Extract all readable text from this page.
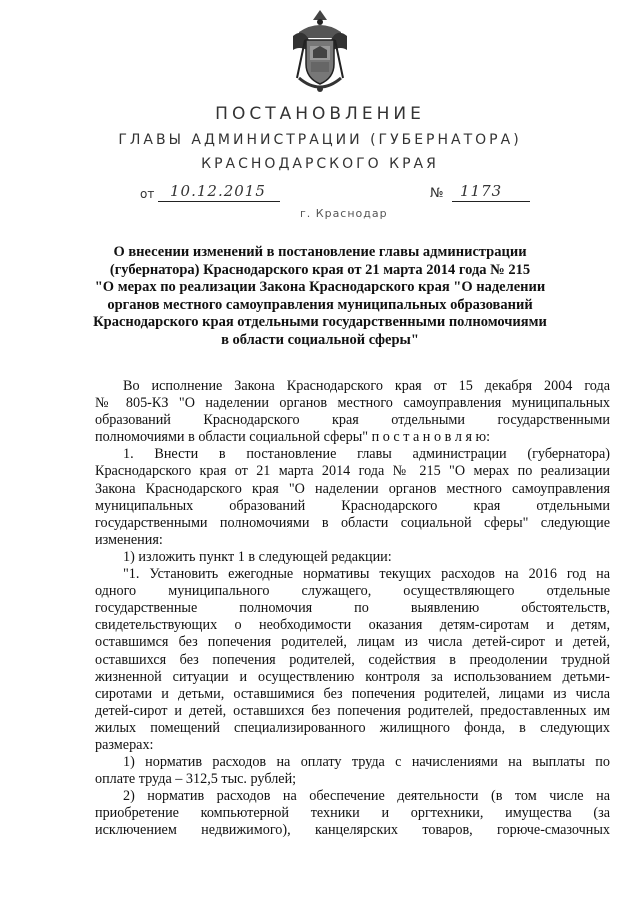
ПОСТАНОВЛЕНИЕ
ГЛАВЫ АДМИНИСТРАЦИИ (ГУБЕРНАТОРА)
КРАСНОДАРСКОГО КРАЯ
от 10.12.2015	№ 1173
г. Краснодар
О внесении изменений в постановление главы администрации
(губернатора) Краснодарского края от 21 марта 2014 года № 215
"О мерах по реализации Закона Краснодарского края "О наделении
органов местного самоуправления муниципальных образований
Краснодарского края отдельными государственными полномочиями
в области социальной сферы"
Во исполнение Закона Краснодарского края от 15 декабря 2004 года
№ 805-КЗ "О наделении органов местного самоуправления муниципальных
образований Краснодарского края отдельными государственными
полномочиями в области социальной сферы" п о с т а н о в л я ю:
1. Внести в постановление главы администрации (губернатора)
Краснодарского края от 21 марта 2014 года № 215 "О мерах по реализации
Закона Краснодарского края "О наделении органов местного самоуправления
муниципальных образований Краснодарского края отдельными
государственными полномочиями в области социальной сферы" следующие
изменения:
1) изложить пункт 1 в следующей редакции:
"1. Установить ежегодные нормативы текущих расходов на 2016 год на
одного муниципального служащего, осуществляющего отдельные
государственные полномочия по выявлению обстоятельств,
свидетельствующих о необходимости оказания детям-сиротам и детям,
оставшимся без попечения родителей, лицам из числа детей-сирот и детей,
оставшихся без попечения родителей, содействия в преодолении трудной
жизненной ситуации и осуществлению контроля за использованием детьми-
сиротами и детьми, оставшимися без попечения родителей, лицами из числа
детей-сирот и детей, оставшихся без попечения родителей, предоставленных им
жилых помещений специализированного жилищного фонда, в следующих
размерах:
1) норматив расходов на оплату труда с начислениями на выплаты по
оплате труда – 312,5 тыс. рублей;
2) норматив расходов на обеспечение деятельности (в том числе на
приобретение компьютерной техники и оргтехники, имущества (за
исключением недвижимого), канцелярских товаров, горюче-смазочных
